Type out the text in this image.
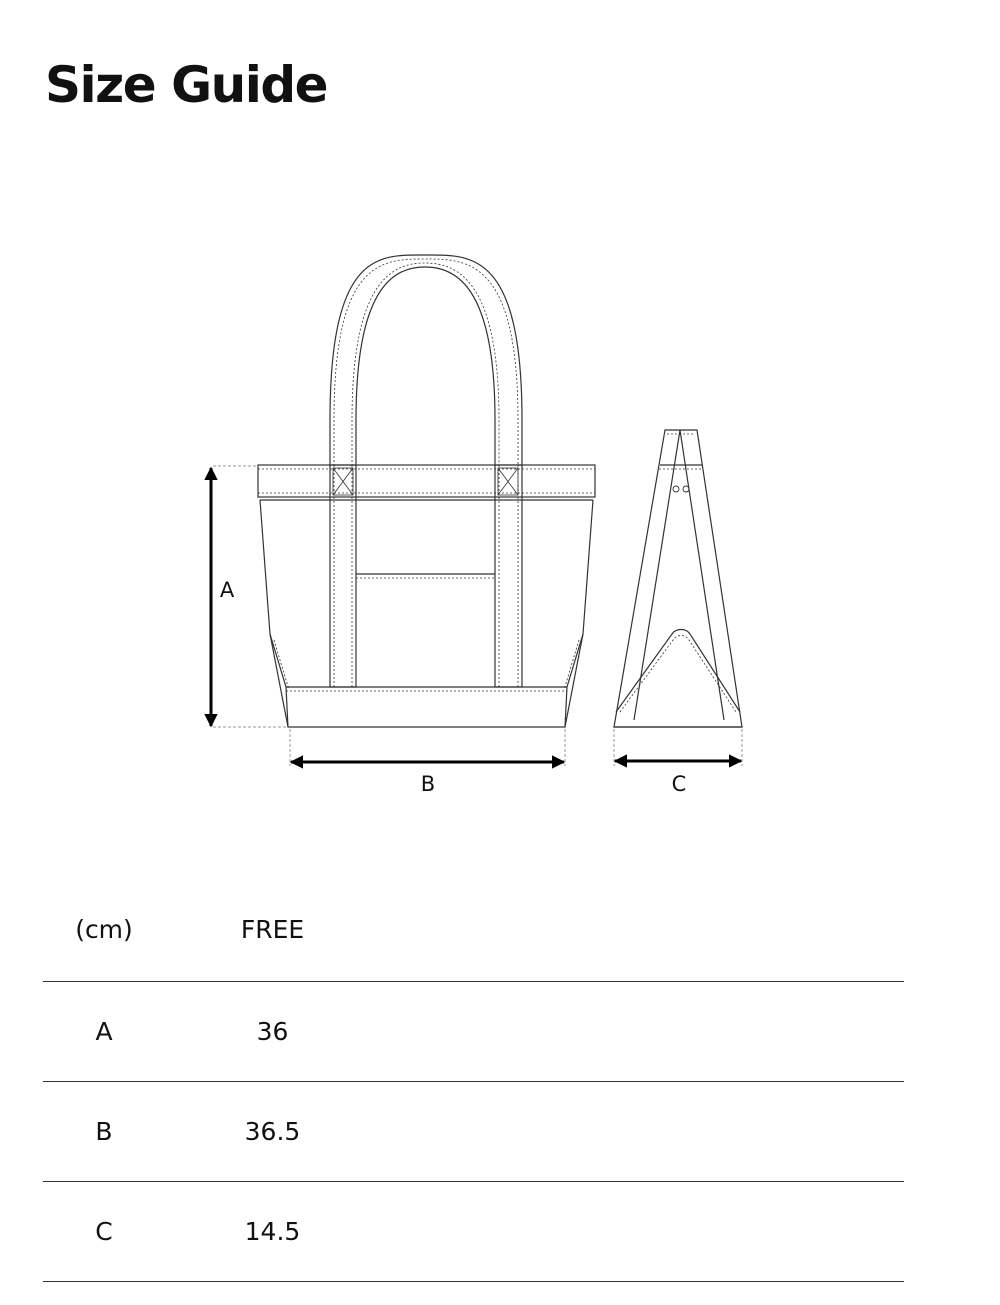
Size Guide
A
B	C
(cm)	FREE	
A	36	
B	36.5	
C	14.5	
